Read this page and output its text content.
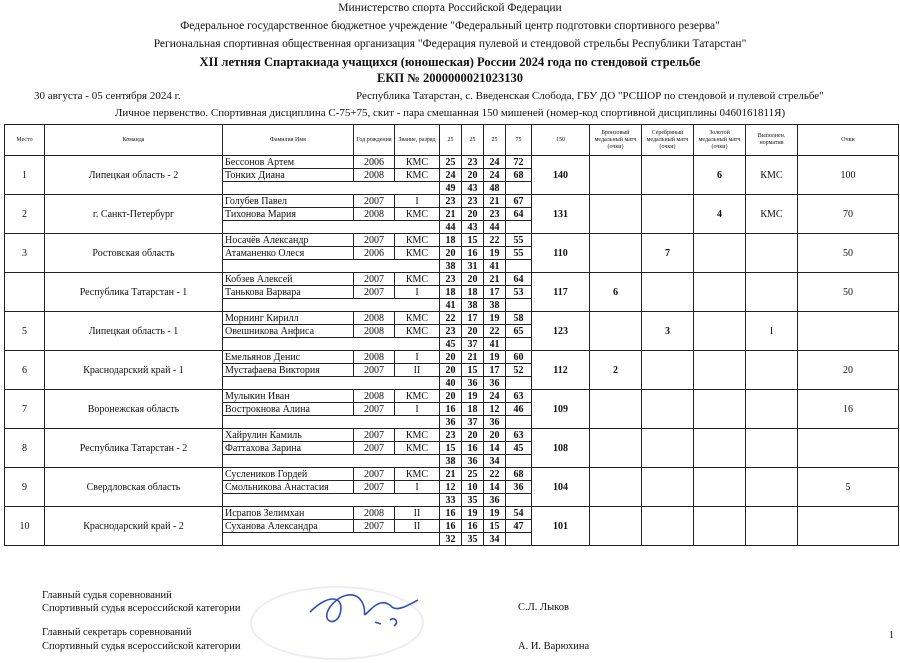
Министерство спорта Российской Федерации
Федеральное государственное бюджетное учреждение "Федеральный центр подготовки спортивного резерва"
Региональная спортивная общественная организация "Федерация пулевой и стендовой стрельбы Республики Татарстан"
XII летняя Спартакиада учащихся (юношеская) России 2024 года по стендовой стрельбе
ЕКП № 2000000021023130
30 августа - 05 сентября 2024 г.	Республика Татарстан, с. Введенская Слобода, ГБУ ДО "РСШОР по стендовой и пулевой стрельбе"
Личное первенство. Спортивная дисциплина С-75+75, скит - пара смешанная 150 мишеней (номер-код спортивной дисциплины 0460161811Я)
Место	Команда	Фамилия Имя	Год рождения	Звание, разряд	25	25	25	75	150	Бронзовый медальный матч (очки)	Серебряный медальный матч (очки)	Золотой медальный матч (очки)	Выполнен. норматив	Очки
1	Липецкая область - 2	Бессонов Артем	2006	КМС	25	23	24	72	140			6	КМС	100
		Тонких Диана	2008	КМС	24	20	24	68						
					49	43	48							
2	г. Санкт-Петербург	Голубев Павел	2007	I	23	23	21	67	131			4	КМС	70
		Тихонова Мария	2008	КМС	21	20	23	64						
					44	43	44							
3	Ростовская область	Носачёв Александр	2007	КМС	18	15	22	55	110		7			50
		Атаманенко Олеся	2006	КМС	20	16	19	55						
					38	31	41							
	Республика Татарстан - 1	Кобзев Алексей	2007	КМС	23	20	21	64	117	6				50
		Танькова Варвара	2007	I	18	18	17	53						
					41	38	38							
5	Липецкая область - 1	Морнинг Кирилл	2008	КМС	22	17	19	58	123		3		I	
		Овешникова Анфиса	2008	КМС	23	20	22	65						
					45	37	41							
6	Краснодарский край - 1	Емельянов Денис	2008	I	20	21	19	60	112	2				20
		Мустафаева Виктория	2007	II	20	15	17	52						
					40	36	36							
7	Воронежская область	Мулыкин Иван	2008	КМС	20	19	24	63	109					16
		Вострокнова Алина	2007	I	16	18	12	46						
					36	37	36							
8	Республика Татарстан - 2	Хайрулин Камиль	2007	КМС	23	20	20	63	108					
		Фаттахова Зарина	2007	КМС	15	16	14	45						
					38	36	34							
9	Свердловская область	Суслеников Гордей	2007	КМС	21	25	22	68	104					5
		Смольникова Анастасия	2007	I	12	10	14	36						
					33	35	36							
10	Краснодарский край - 2	Исрапов Зелимхан	2008	II	16	19	19	54	101					
		Суханова Александра	2007	II	16	16	15	47						
					32	35	34							
Главный судья соревнований
Спортивный судья всероссийской категории	С.Л. Лыков
Главный секретарь соревнований
Спортивный судья всероссийской категории	А. И. Варюхина
1
